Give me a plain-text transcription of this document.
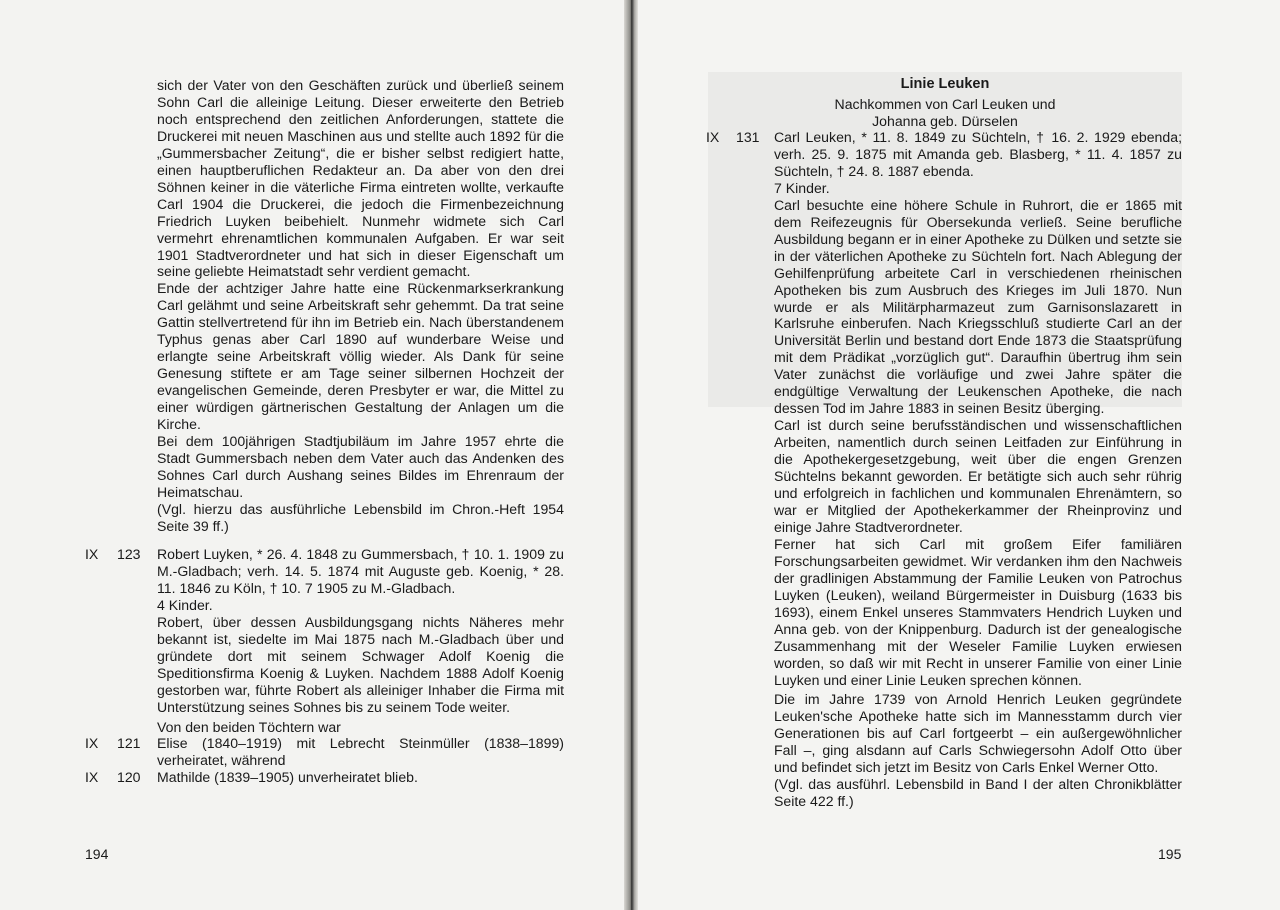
sich der Vater von den Geschäften zurück und überließ seinem Sohn Carl die alleinige Leitung. Dieser erweiterte den Betrieb noch entsprechend den zeitlichen Anforderungen, stattete die Druckerei mit neuen Maschinen aus und stellte auch 1892 für die „Gummersbacher Zeitung“, die er bisher selbst redigiert hatte, einen hauptberuflichen Redakteur an. Da aber von den drei Söhnen keiner in die väterliche Firma eintreten wollte, verkaufte Carl 1904 die Druckerei, die jedoch die Firmenbezeichnung Friedrich Luyken beibehielt. Nunmehr widmete sich Carl vermehrt ehrenamtlichen kommunalen Aufgaben. Er war seit 1901 Stadtverordneter und hat sich in dieser Eigenschaft um seine geliebte Heimatstadt sehr verdient gemacht.

Ende der achtziger Jahre hatte eine Rückenmarkserkrankung Carl gelähmt und seine Arbeitskraft sehr gehemmt. Da trat seine Gattin stellvertretend für ihn im Betrieb ein. Nach überstandenem Typhus genas aber Carl 1890 auf wunderbare Weise und erlangte seine Arbeitskraft völlig wieder. Als Dank für seine Genesung stiftete er am Tage seiner silbernen Hochzeit der evangelischen Gemeinde, deren Presbyter er war, die Mittel zu einer würdigen gärtnerischen Gestaltung der Anlagen um die Kirche.

Bei dem 100jährigen Stadtjubiläum im Jahre 1957 ehrte die Stadt Gummersbach neben dem Vater auch das Andenken des Sohnes Carl durch Aushang seines Bildes im Ehrenraum der Heimatschau.

(Vgl. hierzu das ausführliche Lebensbild im Chron.-Heft 1954 Seite 39 ff.)

IX 123 Robert Luyken, * 26. 4. 1848 zu Gummersbach, † 10. 1. 1909 zu M.-Gladbach; verh. 14. 5. 1874 mit Auguste geb. Koenig, * 28. 11. 1846 zu Köln, † 10. 7 1905 zu M.-Gladbach.

4 Kinder.

Robert, über dessen Ausbildungsgang nichts Näheres mehr bekannt ist, siedelte im Mai 1875 nach M.-Gladbach über und gründete dort mit seinem Schwager Adolf Koenig die Speditionsfirma Koenig & Luyken. Nachdem 1888 Adolf Koenig gestorben war, führte Robert als alleiniger Inhaber die Firma mit Unterstützung seines Sohnes bis zu seinem Tode weiter.

Von den beiden Töchtern war

IX 121 Elise (1840–1919) mit Lebrecht Steinmüller (1838–1899) verheiratet, während

IX 120 Mathilde (1839–1905) unverheiratet blieb.

194
Linie Leuken
Nachkommen von Carl Leuken und
Johanna geb. Dürselen
IX 131 Carl Leuken, * 11. 8. 1849 zu Süchteln, † 16. 2. 1929 ebenda; verh. 25. 9. 1875 mit Amanda geb. Blasberg, * 11. 4. 1857 zu Süchteln, † 24. 8. 1887 ebenda.

7 Kinder.

Carl besuchte eine höhere Schule in Ruhrort, die er 1865 mit dem Reifezeugnis für Obersekunda verließ. Seine berufliche Ausbildung begann er in einer Apotheke zu Dülken und setzte sie in der väterlichen Apotheke zu Süchteln fort. Nach Ablegung der Gehilfenprüfung arbeitete Carl in verschiedenen rheinischen Apotheken bis zum Ausbruch des Krieges im Juli 1870. Nun wurde er als Militärpharmazeut zum Garnisonslazarett in Karlsruhe einberufen. Nach Kriegsschluß studierte Carl an der Universität Berlin und bestand dort Ende 1873 die Staatsprüfung mit dem Prädikat „vorzüglich gut“. Daraufhin übertrug ihm sein Vater zunächst die vorläufige und zwei Jahre später die endgültige Verwaltung der Leukenschen Apotheke, die nach dessen Tod im Jahre 1883 in seinen Besitz überging.

Carl ist durch seine berufsständischen und wissenschaftlichen Arbeiten, namentlich durch seinen Leitfaden zur Einführung in die Apothekergesetzgebung, weit über die engen Grenzen Süchtelns bekannt geworden. Er betätigte sich auch sehr rührig und erfolgreich in fachlichen und kommunalen Ehrenämtern, so war er Mitglied der Apothekerkammer der Rheinprovinz und einige Jahre Stadtverordneter.

Ferner hat sich Carl mit großem Eifer familiären Forschungsarbeiten gewidmet. Wir verdanken ihm den Nachweis der gradlinigen Abstammung der Familie Leuken von Patrochus Luyken (Leuken), weiland Bürgermeister in Duisburg (1633 bis 1693), einem Enkel unseres Stammvaters Hendrich Luyken und Anna geb. von der Knippenburg. Dadurch ist der genealogische Zusammenhang mit der Weseler Familie Luyken erwiesen worden, so daß wir mit Recht in unserer Familie von einer Linie Luyken und einer Linie Leuken sprechen können.

Die im Jahre 1739 von Arnold Henrich Leuken gegründete Leuken'sche Apotheke hatte sich im Mannesstamm durch vier Generationen bis auf Carl fortgeerbt – ein außergewöhnlicher Fall –, ging alsdann auf Carls Schwiegersohn Adolf Otto über und befindet sich jetzt im Besitz von Carls Enkel Werner Otto.

(Vgl. das ausführl. Lebensbild in Band I der alten Chronikblätter Seite 422 ff.)

195
